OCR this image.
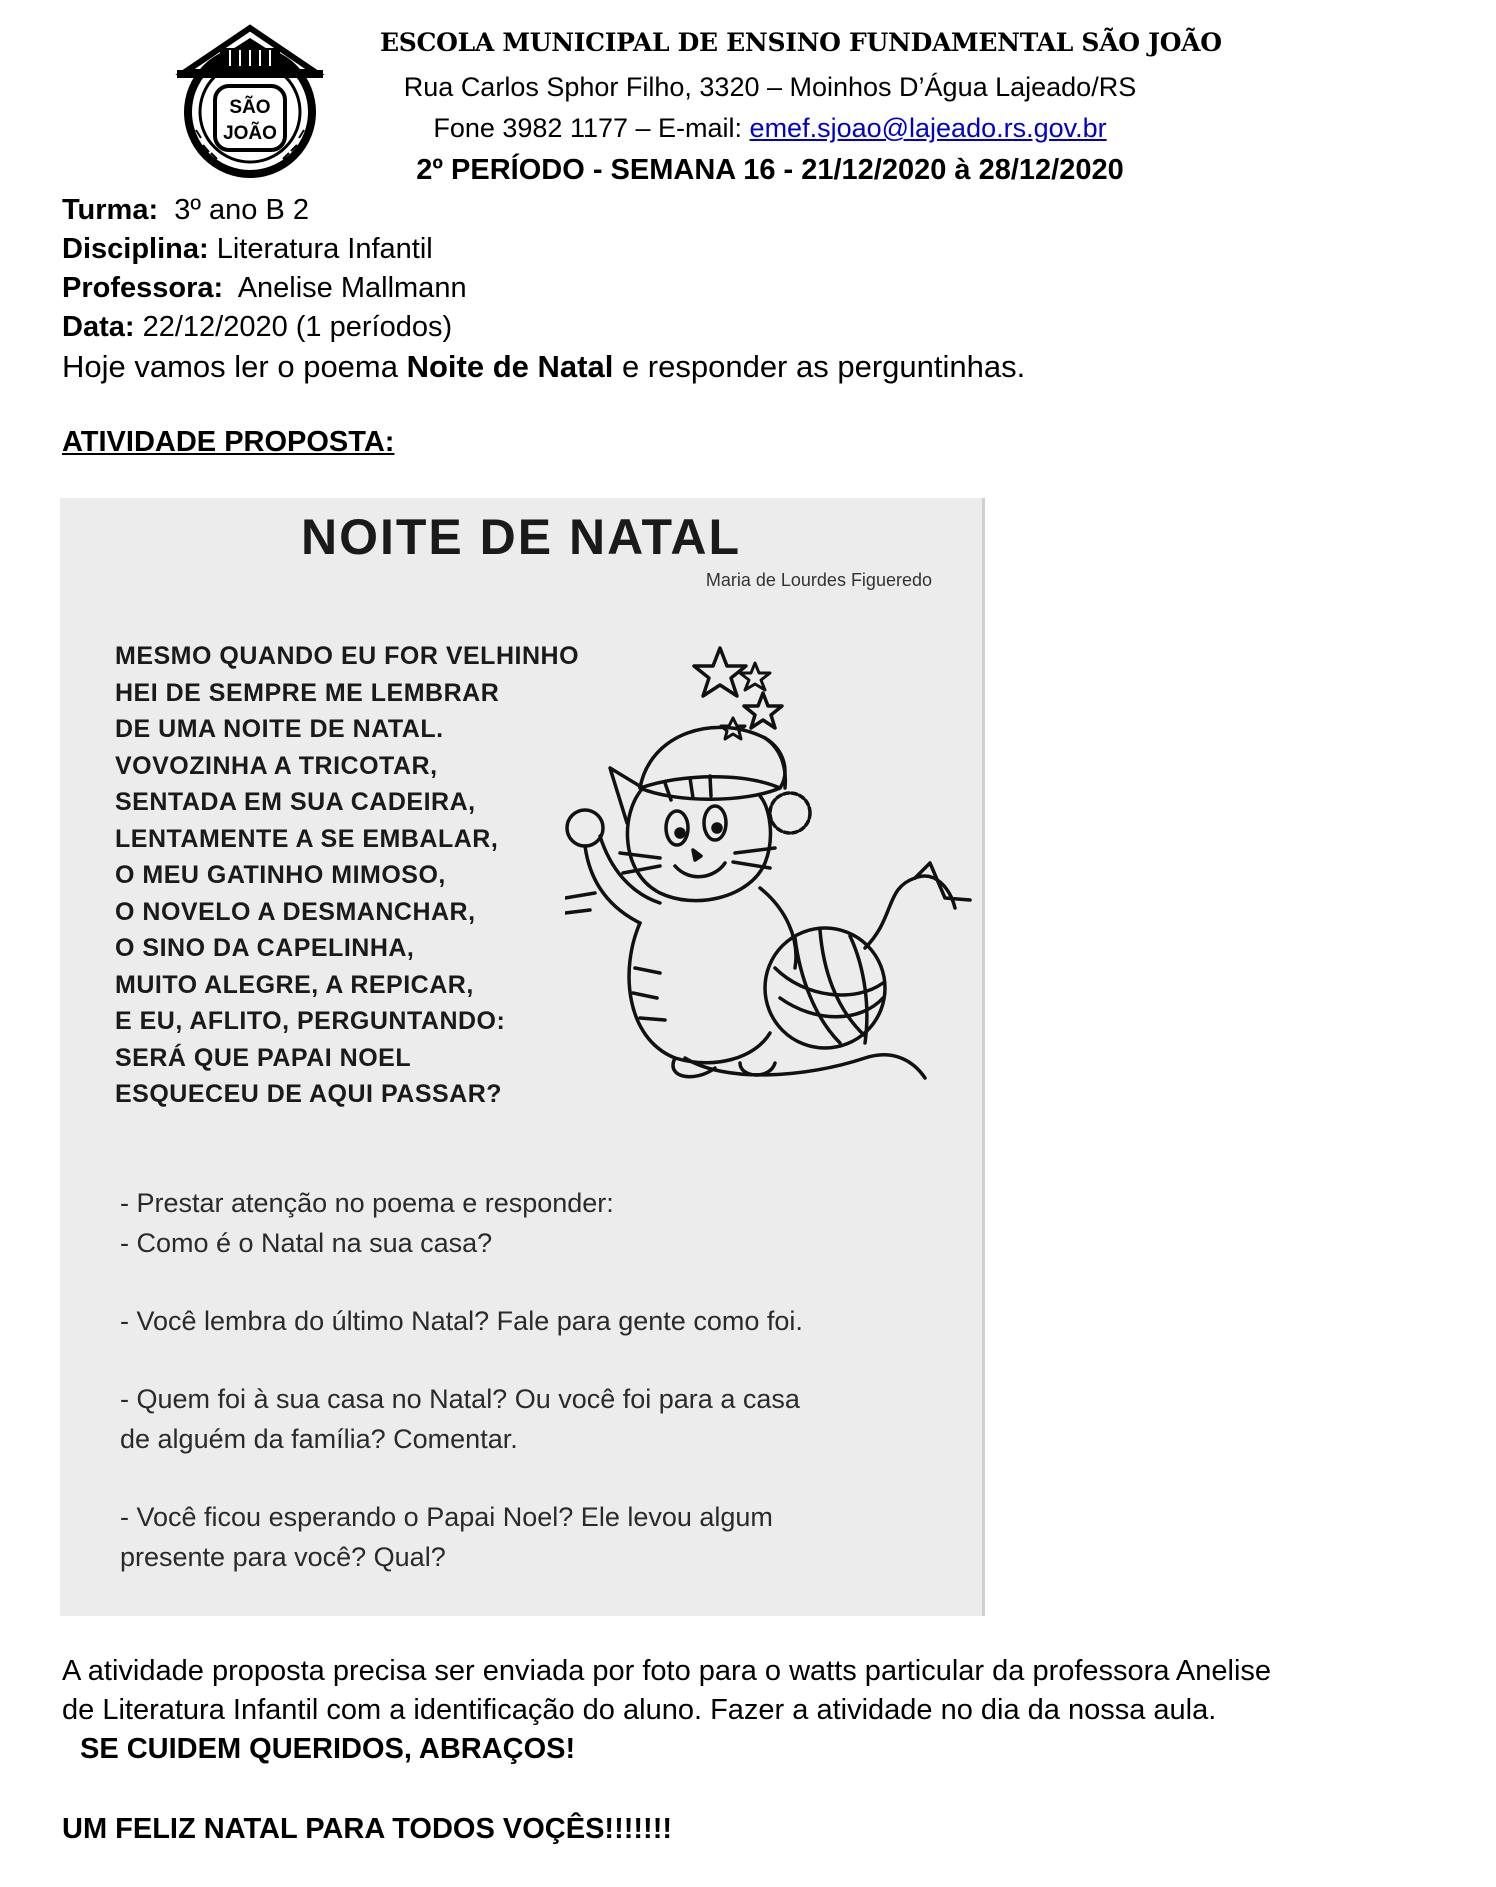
SÃO
JOÃO
ESCOLA MUNICIPAL DE ENSINO FUNDAMENTAL SÃO JOÃO
Rua Carlos Sphor Filho, 3320 – Moinhos D’Água Lajeado/RS
Fone 3982 1177 – E-mail: emef.sjoao@lajeado.rs.gov.br
2º PERÍODO - SEMANA 16 - 21/12/2020 à 28/12/2020
Turma: 3º ano B 2
Disciplina: Literatura Infantil
Professora: Anelise Mallmann
Data: 22/12/2020 (1 períodos)
Hoje vamos ler o poema Noite de Natal e responder as perguntinhas.
ATIVIDADE PROPOSTA:
NOITE DE NATAL
Maria de Lourdes Figueredo
MESMO QUANDO EU FOR VELHINHO
HEI DE SEMPRE ME LEMBRAR
DE UMA NOITE DE NATAL.
VOVOZINHA A TRICOTAR,
SENTADA EM SUA CADEIRA,
LENTAMENTE A SE EMBALAR,
O MEU GATINHO MIMOSO,
O NOVELO A DESMANCHAR,
O SINO DA CAPELINHA,
MUITO ALEGRE, A REPICAR,
E EU, AFLITO, PERGUNTANDO:
SERÁ QUE PAPAI NOEL
ESQUECEU DE AQUI PASSAR?
- Prestar atenção no poema e responder:
- Como é o Natal na sua casa?
- Você lembra do último Natal? Fale para gente como foi.
- Quem foi à sua casa no Natal? Ou você foi para a casa
de alguém da família? Comentar.
- Você ficou esperando o Papai Noel? Ele levou algum
presente para você? Qual?
A atividade proposta precisa ser enviada por foto para o watts particular da professora Anelise
de Literatura Infantil com a identificação do aluno. Fazer a atividade no dia da nossa aula.
SE CUIDEM QUERIDOS, ABRAÇOS!
UM FELIZ NATAL PARA TODOS VOÇÊS!!!!!!!
